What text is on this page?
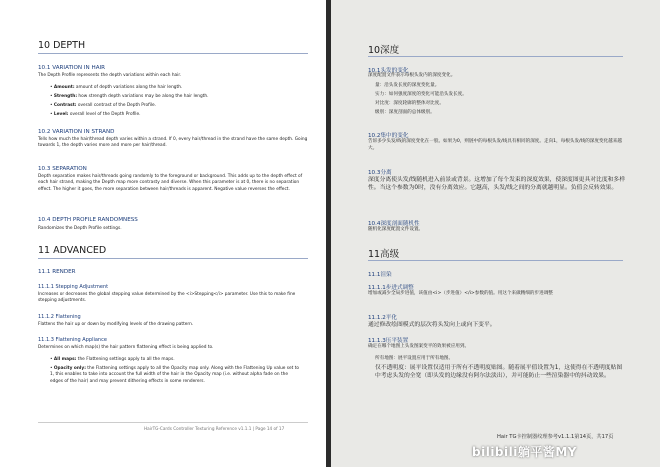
10 DEPTH
10.1 VARIATION IN HAIR
The Depth Profile represents the depth variations within each hair.
• Amount: amount of depth variations along the hair length.
• Strength: how strength depth variations may be along the hair length.
• Contrast: overall contrast of the Depth Profile.
• Level: overall level of the Depth Profile.
10.2 VARIATION IN STRAND
Tells how much the hair/thread depth varies within a strand. If 0, every hair/thread in the strand have the same depth. Going towards 1, the depth varies more and more per hair/thread.
10.3 SEPARATION
Depth separation makes hair/threads going randomly to the foreground or background. This adds up to the depth effect of each hair strand, making the Depth map more contrasty and diverse. When this parameter is at 0, there is no separation effect. The higher it goes, the more separation between hair/threads is apparent. Negative value reverses the effect.
10.4 DEPTH PROFILE RANDOMNESS
Randomizes the Depth Profile settings.
11 ADVANCED
11.1 RENDER
11.1.1 Stepping Adjustment
Increases or decreases the global stepping value determined by the <i>Stepping</i> parameter. Use this to make fine stepping adjustments.
11.1.2 Flattening
Flattens the hair up or down by modifying levels of the drawing pattern.
11.1.3 Flattening Appliance
Determines on which map(s) the hair pattern flattening effect is being applied to.
• All maps: the Flattening settings apply to all the maps.
• Opacity only: the Flattening settings apply to all the Opacity map only. Along with the Flattening Up value set to 1, this enables to take into account the full width of the hair in the Opacity map (i.e. without alpha fade on the edges of the hair) and may prevent dithering effects in some renderers.
HairTG-Cards Controller Texturing Reference v1.1.1 | Page 14 of 17
10深度
10.1头发的变化
深度配置文件表示每根头发内的深度变化。
量：沿头发长度的深度变化量。
实力：如何强度深度的变化可能沿头发长度。
对比度：深度轮廓的整体对比度。
级别：深度剖面的总体级别。
10.2集中的变化
告诉多少头发/线的深度变化在一股。如果为0，则链中的每根头发/线具有相同的深度。走向1，每根头发/线的深度变化越来越大。
10.3分离
深度分离使头发/线随机进入前景或背景。这增加了每个发束的深度效果，使深度图更具对比度和多样性。当这个参数为0时，没有分离效应。它越高，头发/线之间的分离就越明显。负值会反转效果。
10.4深度剖面随机性
随机化深度配置文件设置。
11高级
11.1渲染
11.1.1步进式调整
增加或减少全局步进值，该值由<i>（步进值）</i>参数的值。用这个来做精细的步进调整
11.1.2平化
通过修改绘图模式的层次将头发向上或向下变平。
11.1.3压平装置
确定在哪个地图上头发图案变平的效果被应用到。
所有地图：展平设置应用于所有地图。
仅不透明度：展平设置仅适用于所有不透明度贴图。随着展平值设置为1，这使得在不透明度贴图中考虑头发的全宽（即头发的边缘没有阿尔法淡出），并可能防止一些渲染器中的抖动效果。
Hair TG卡控制器纹理参考v1.1.1第14页，共17页
bilibili躺平酱MY
